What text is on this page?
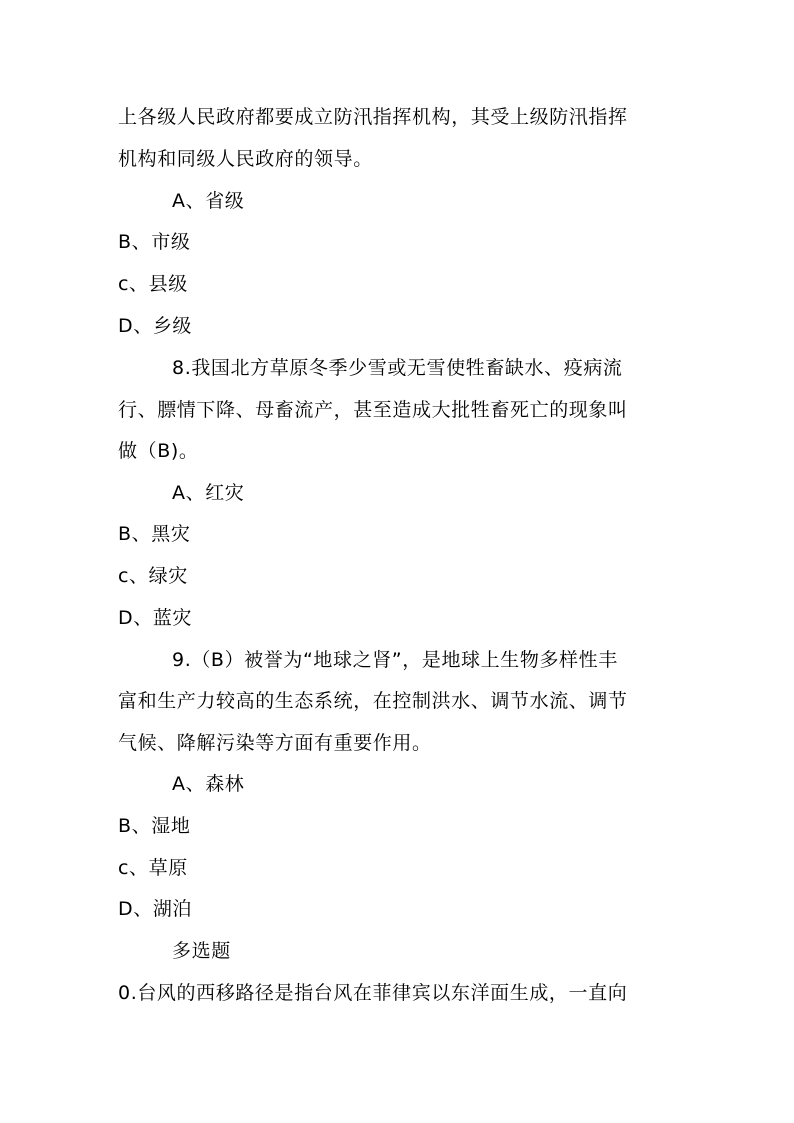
上各级人民政府都要成立防汛指挥机构，其受上级防汛指挥
机构和同级人民政府的领导。
A、省级
B、市级
c、县级
D、乡级
8.我国北方草原冬季少雪或无雪使牲畜缺水、疫病流
行、膘情下降、母畜流产，甚至造成大批牲畜死亡的现象叫
做（B)。
A、红灾
B、黑灾
c、绿灾
D、蓝灾
9.（B）被誉为“地球之肾”，是地球上生物多样性丰
富和生产力较高的生态系统，在控制洪水、调节水流、调节
气候、降解污染等方面有重要作用。
A、森林
B、湿地
c、草原
D、湖泊
多选题
0.台风的西移路径是指台风在菲律宾以东洋面生成，一直向
